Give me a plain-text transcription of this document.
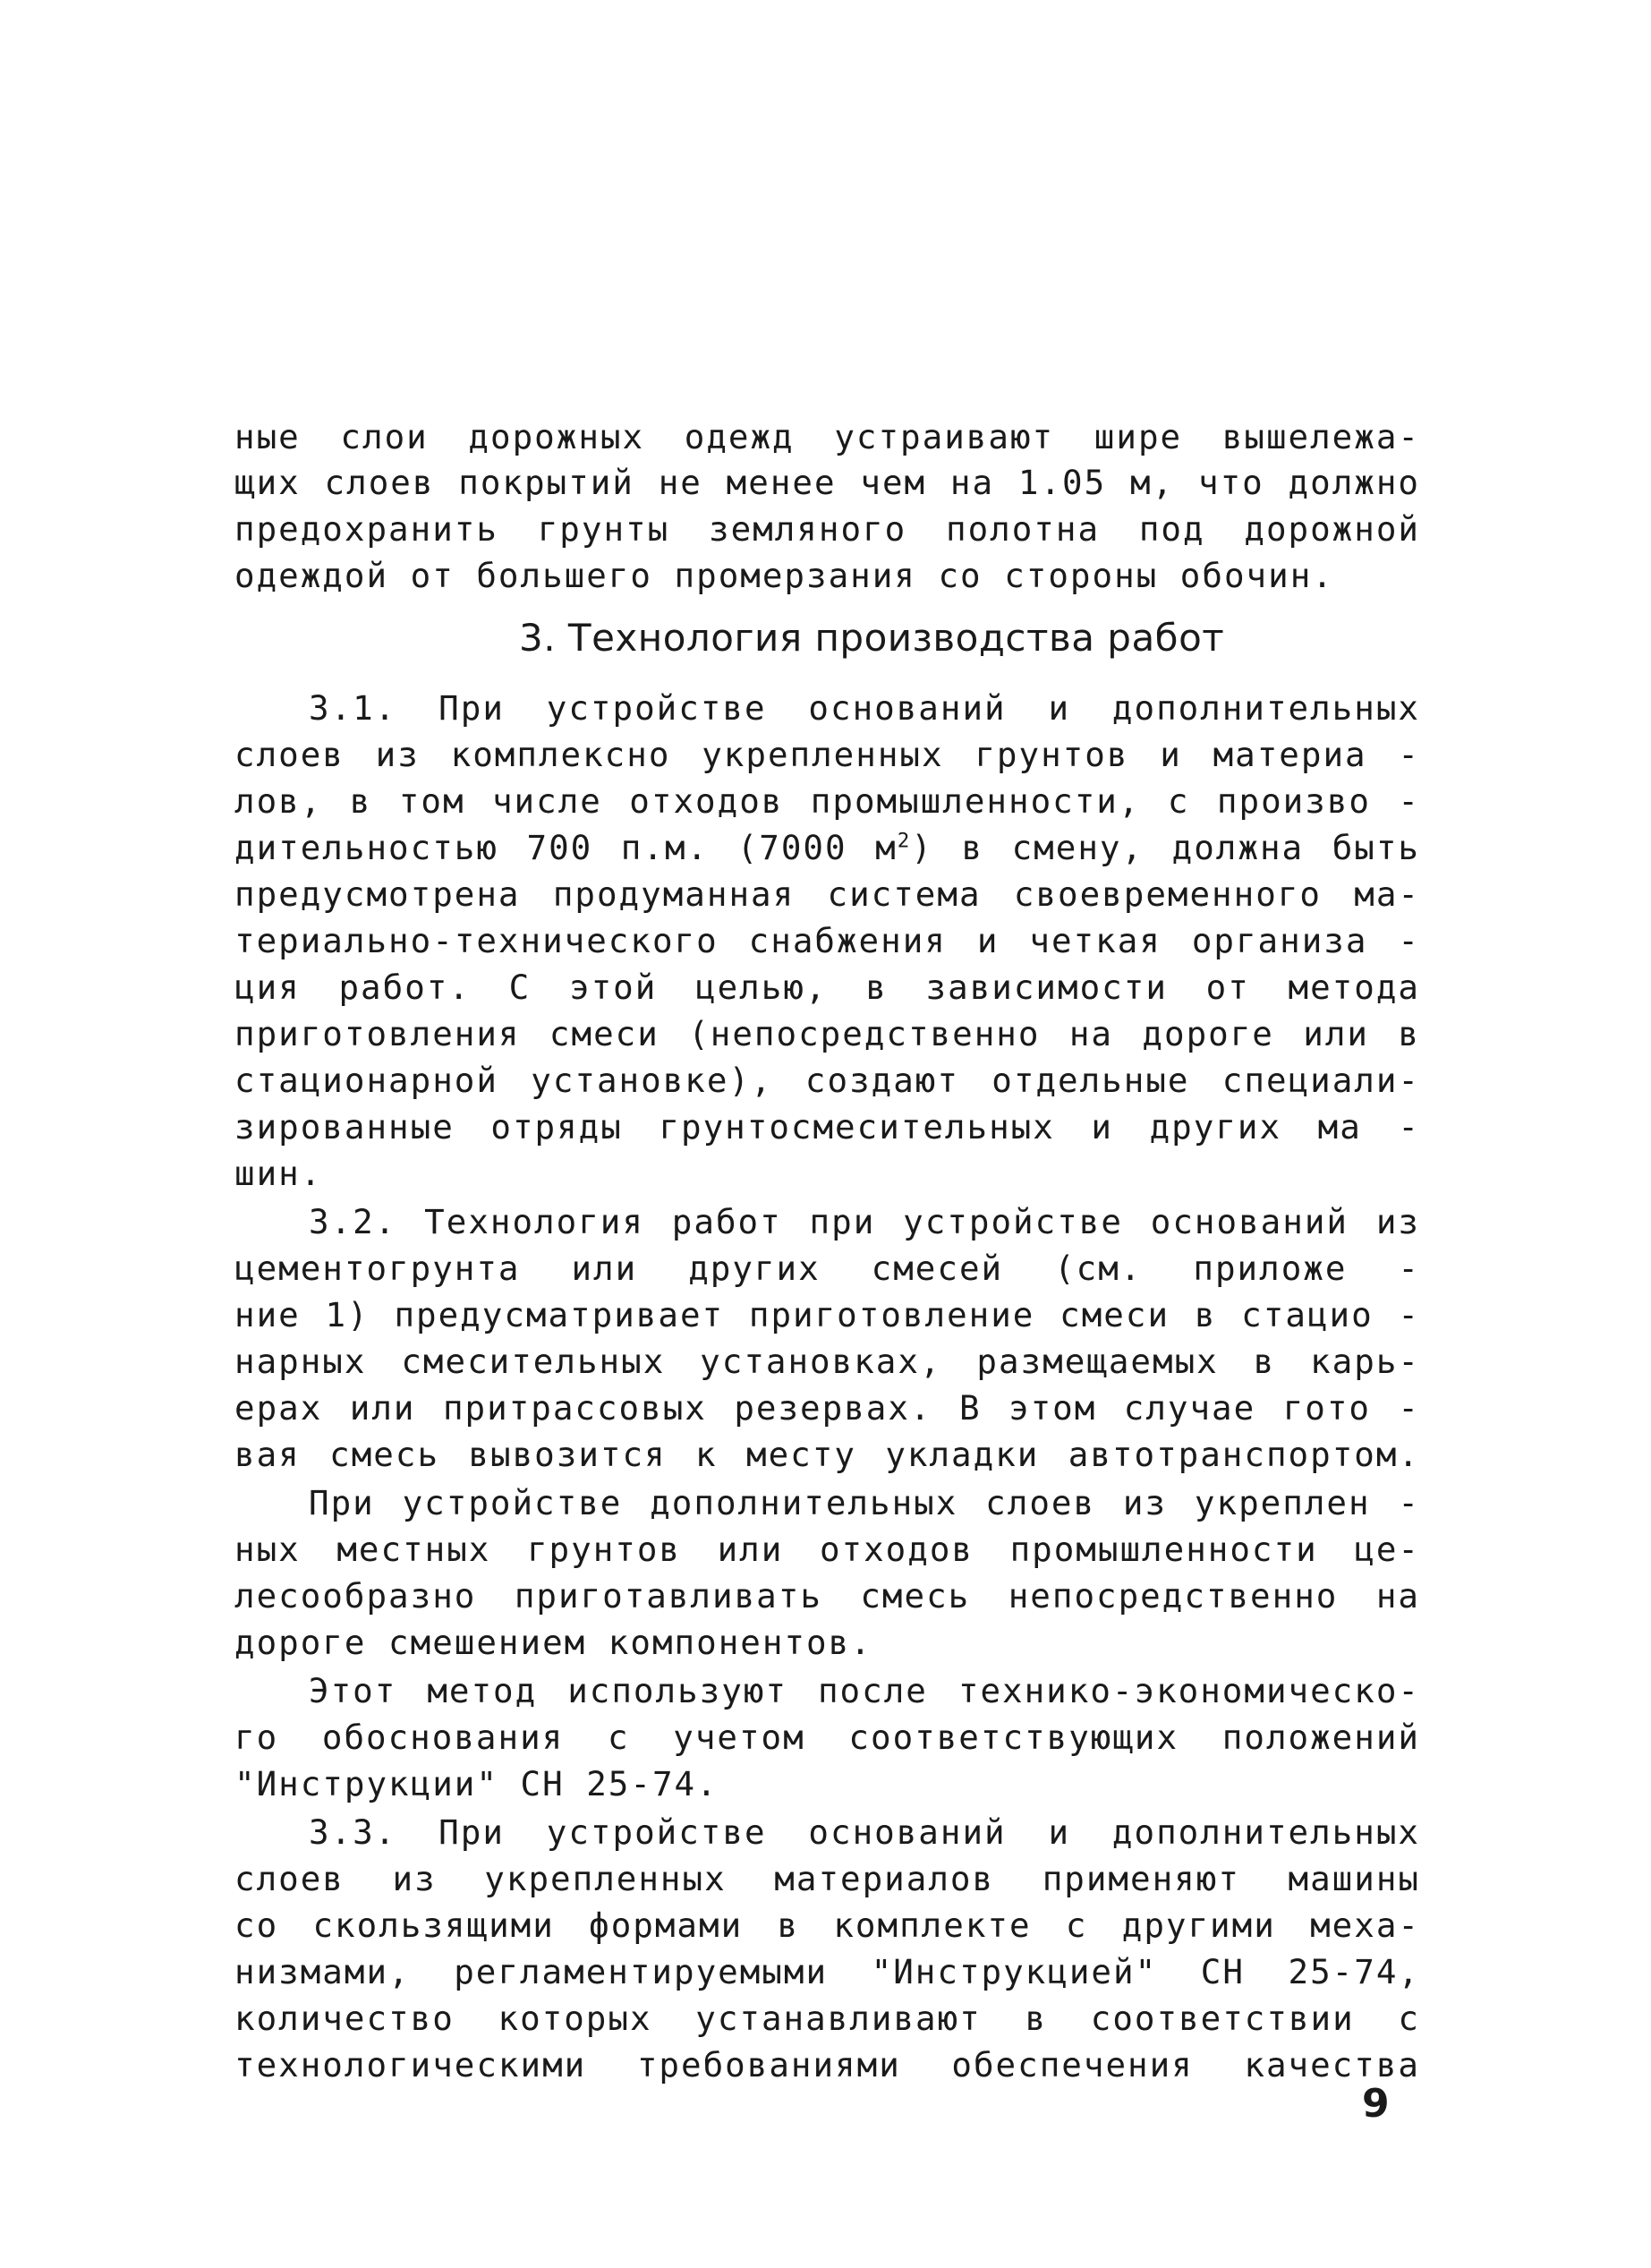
ные слои дорожных одежд устраивают шире вышележа-
щих слоев покрытий не менее чем на 1.05 м, что должно
предохранить грунты земляного полотна под дорожной
одеждой от большего промерзания со стороны обочин.
3.1. При устройстве оснований и дополнительных
слоев из комплексно укрепленных грунтов и материа -
лов, в том числе отходов промышленности, с произво -
дительностью 700 п.м. (7000 $м^2$) в смену, должна быть
предусмотрена продуманная система своевременного ма-
териально-технического снабжения и четкая организа -
ция работ. С этой целью, в зависимости от метода
приготовления смеси (непосредственно на дороге или в
стационарной установке), создают отдельные специали-
зированные отряды грунтосмесительных и других ма -
шин.
3.2. Технология работ при устройстве оснований из
цементогрунта или других смесей (см. приложе -
ние 1) предусматривает приготовление смеси в стацио -
нарных смесительных установках, размещаемых в карь-
ерах или притрассовых резервах. В этом случае гото -
вая смесь вывозится к месту укладки автотранспортом.
При устройстве дополнительных слоев из укреплен -
ных местных грунтов или отходов промышленности це-
лесообразно приготавливать смесь непосредственно на
дороге смешением компонентов.
Этот метод используют после технико-экономическо-
го обоснования с учетом соответствующих положений
"Инструкции" СН 25-74.
3.3. При устройстве оснований и дополнительных
слоев из укрепленных материалов применяют машины
со скользящими формами в комплекте с другими меха-
низмами, регламентируемыми "Инструкцией" СН 25-74,
количество которых устанавливают в соответствии с
технологическими требованиями обеспечения качества
3. Технология производства работ
9
